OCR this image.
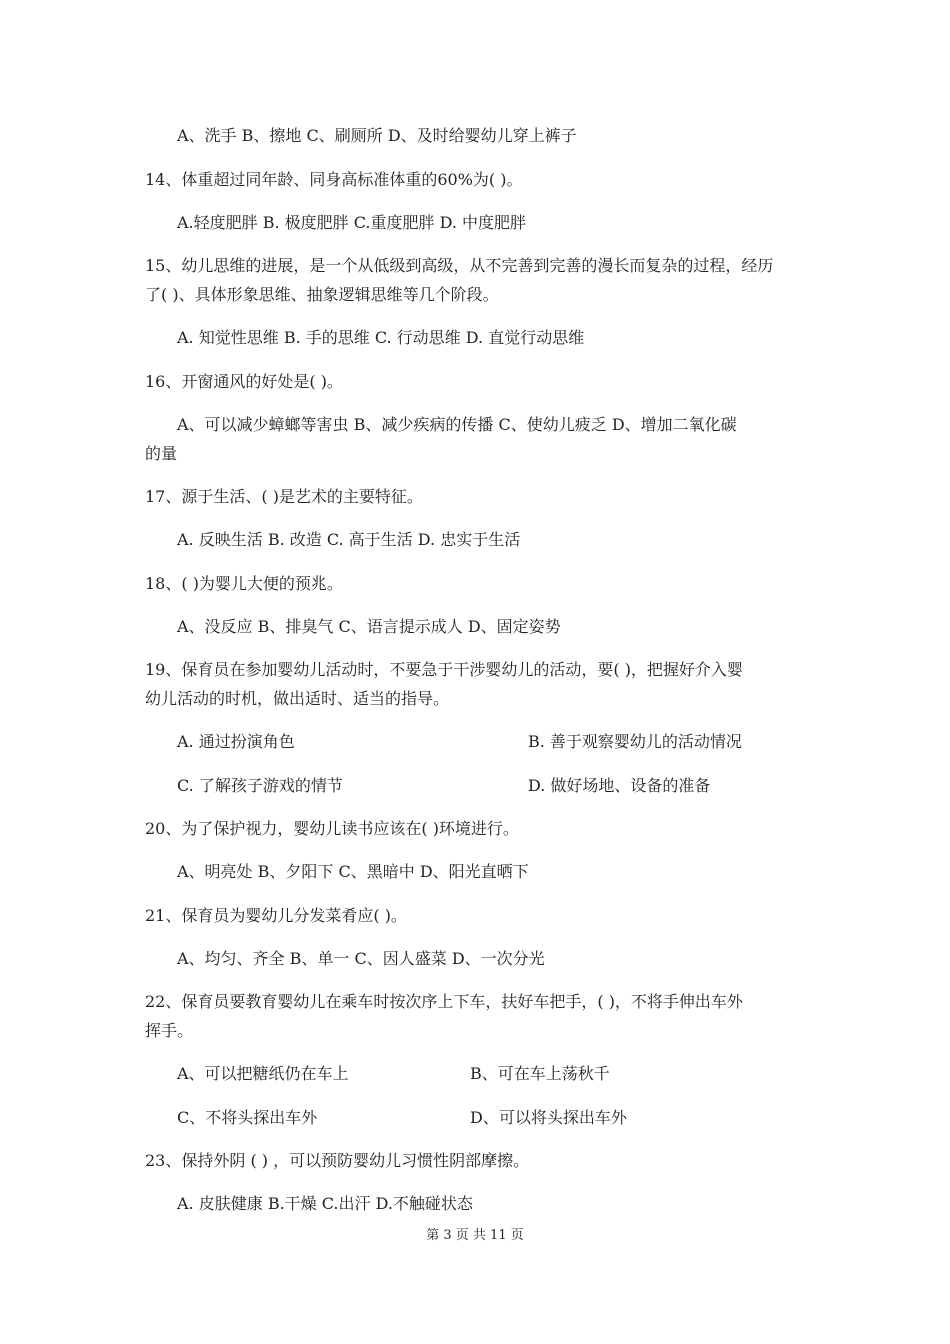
A、洗手 B、擦地 C、刷厕所 D、及时给婴幼儿穿上裤子
14、体重超过同年龄、同身高标准体重的60%为( )。
A.轻度肥胖 B. 极度肥胖 C.重度肥胖 D. 中度肥胖
15、幼儿思维的进展，是一个从低级到高级，从不完善到完善的漫长而复杂的过程，经历
了( )、具体形象思维、抽象逻辑思维等几个阶段。
A. 知觉性思维 B. 手的思维 C. 行动思维 D. 直觉行动思维
16、开窗通风的好处是( )。
A、可以减少蟑螂等害虫 B、减少疾病的传播 C、使幼儿疲乏 D、增加二氧化碳
的量
17、源于生活、( )是艺术的主要特征。
A. 反映生活 B. 改造 C. 高于生活 D. 忠实于生活
18、( )为婴儿大便的预兆。
A、没反应 B、排臭气 C、语言提示成人 D、固定姿势
19、保育员在参加婴幼儿活动时，不要急于干涉婴幼儿的活动，要( )，把握好介入婴
幼儿活动的时机，做出适时、适当的指导。
A. 通过扮演角色	B. 善于观察婴幼儿的活动情况
C. 了解孩子游戏的情节	D. 做好场地、设备的准备
20、为了保护视力，婴幼儿读书应该在( )环境进行。
A、明亮处 B、夕阳下 C、黑暗中 D、阳光直晒下
21、保育员为婴幼儿分发菜肴应( )。
A、均匀、齐全 B、单一 C、因人盛菜 D、一次分光
22、保育员要教育婴幼儿在乘车时按次序上下车，扶好车把手，( )，不将手伸出车外
挥手。
A、可以把糖纸仍在车上	B、可在车上荡秋千
C、不将头探出车外	D、可以将头探出车外
23、保持外阴 ( ) ，可以预防婴幼儿习惯性阴部摩擦。
A. 皮肤健康 B.干燥 C.出汗 D.不触碰状态
第 3 页 共 11 页
